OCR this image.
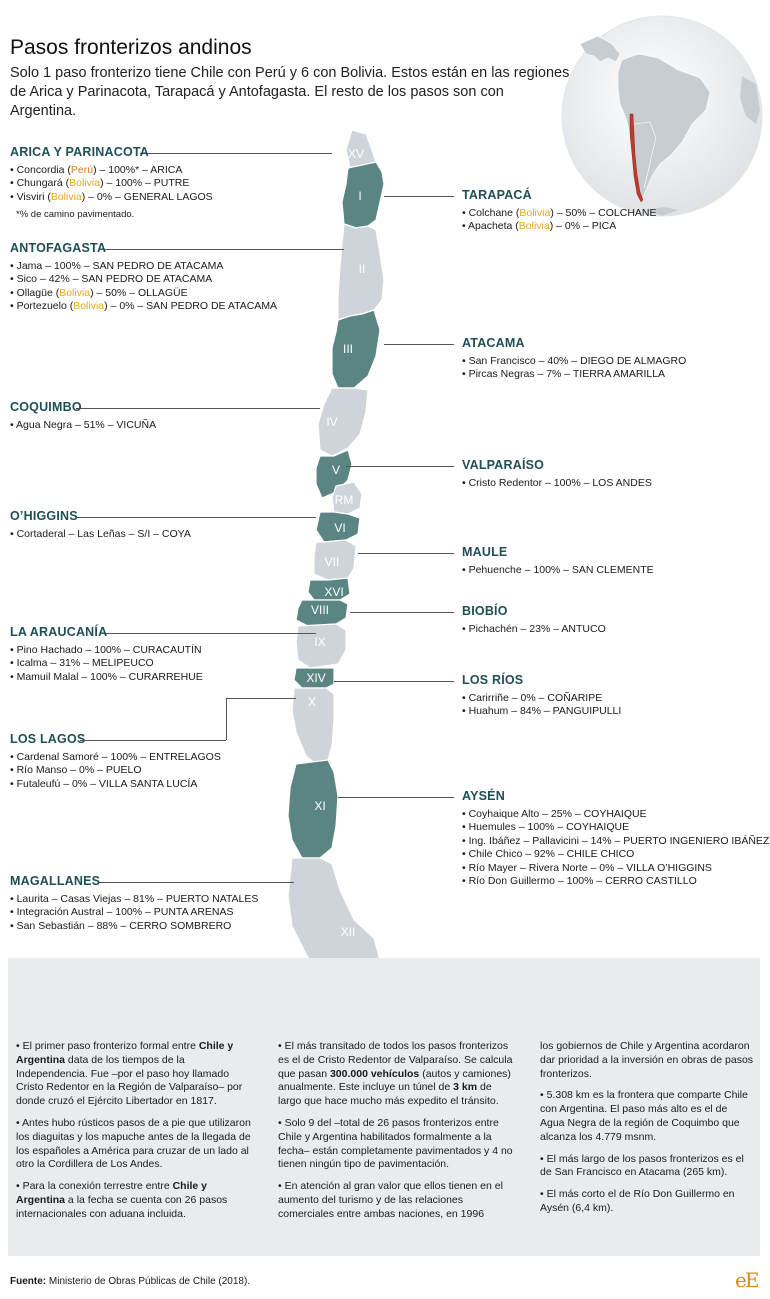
Pasos fronterizos andinos
Solo 1 paso fronterizo tiene Chile con Perú y 6 con Bolivia. Estos están en las regiones de Arica y Parinacota, Tarapacá y Antofagasta. El resto de los pasos son con Argentina.
XV
I
II
III
IV
V
RM
VI
VII
XVI
VIII
IX
XIV
X
XI
XII
ARICA Y PARINACOTA
• Concordia (Perú) – 100%* – ARICA
• Chungará (Bolivia) – 100% – PUTRE
• Visviri (Bolivia) – 0% – GENERAL LAGOS
*% de camino pavimentado.
ANTOFAGASTA
• Jama – 100% – SAN PEDRO DE ATACAMA
• Sico – 42% – SAN PEDRO DE ATACAMA
• Ollagüe (Bolivia) – 50% – OLLAGÜE
• Portezuelo (Bolivia) – 0% – SAN PEDRO DE ATACAMA
COQUIMBO
• Agua Negra – 51% – VICUÑA
O’HIGGINS
• Cortaderal – Las Leñas – S/I – COYA
LA ARAUCANÍA
• Pino Hachado – 100% – CURACAUTÍN
• Icalma – 31% – MELIPEUCO
• Mamuil Malal – 100% – CURARREHUE
LOS LAGOS
• Cardenal Samoré – 100% – ENTRELAGOS
• Río Manso – 0% – PUELO
• Futaleufú – 0% – VILLA SANTA LUCÍA
MAGALLANES
• Laurita – Casas Viejas – 81% – PUERTO NATALES
• Integración Austral – 100% – PUNTA ARENAS
• San Sebastián – 88% – CERRO SOMBRERO
TARAPACÁ
• Colchane (Bolivia) – 50% – COLCHANE
• Apacheta (Bolivia) – 0% – PICA
ATACAMA
• San Francisco – 40% – DIEGO DE ALMAGRO
• Pircas Negras – 7% – TIERRA AMARILLA
VALPARAÍSO
• Cristo Redentor – 100% – LOS ANDES
MAULE
• Pehuenche – 100% – SAN CLEMENTE
BIOBÍO
• Pichachén – 23% – ANTUCO
LOS RÍOS
• Carirriñe – 0% – COÑARIPE
• Huahum – 84% – PANGUIPULLI
AYSÉN
• Coyhaique Alto – 25% – COYHAIQUE
• Huemules – 100% – COYHAIQUE
• Ing. Ibáñez – Pallavicini – 14% – PUERTO INGENIERO IBÁÑEZ
• Chile Chico – 92% – CHILE CHICO
• Río Mayer – Rivera Norte – 0% – VILLA O’HIGGINS
• Río Don Guillermo – 100% – CERRO CASTILLO

• El primer paso fronterizo formal entre Chile y Argentina data de los tiempos de la Independencia. Fue –por el paso hoy llamado Cristo Redentor en la Región de Valparaíso– por donde cruzó el Ejército Libertador en 1817.

• Antes hubo rústicos pasos de a pie que utilizaron los diaguitas y los mapuche antes de la llegada de los españoles a América para cruzar de un lado al otro la Cordillera de Los Andes.

• Para la conexión terrestre entre Chile y Argentina a la fecha se cuenta con 26 pasos internacionales con aduana incluida.

• El más transitado de todos los pasos fronterizos es el de Cristo Redentor de Valparaíso. Se calcula que pasan 300.000 vehículos (autos y camiones) anualmente. Este incluye un túnel de 3 km de largo que hace mucho más expedito el tránsito.

• Solo 9 del –total de 26 pasos fronterizos entre Chile y Argentina habilitados formalmente a la fecha– están completamente pavimentados y 4 no tienen ningún tipo de pavimentación.

• En atención al gran valor que ellos tienen en el aumento del turismo y de las relaciones comerciales entre ambas naciones, en 1996

los gobiernos de Chile y Argentina acordaron dar prioridad a la inversión en obras de pasos fronterizos.

• 5.308 km es la frontera que comparte Chile con Argentina. El paso más alto es el de Agua Negra de la región de Coquimbo que alcanza los 4.779 msnm.

• El más largo de los pasos fronterizos es el de San Francisco en Atacama (265 km).

• El más corto el de Río Don Guillermo en Aysén (6,4 km).

Fuente: Ministerio de Obras Públicas de Chile (2018).	eE
